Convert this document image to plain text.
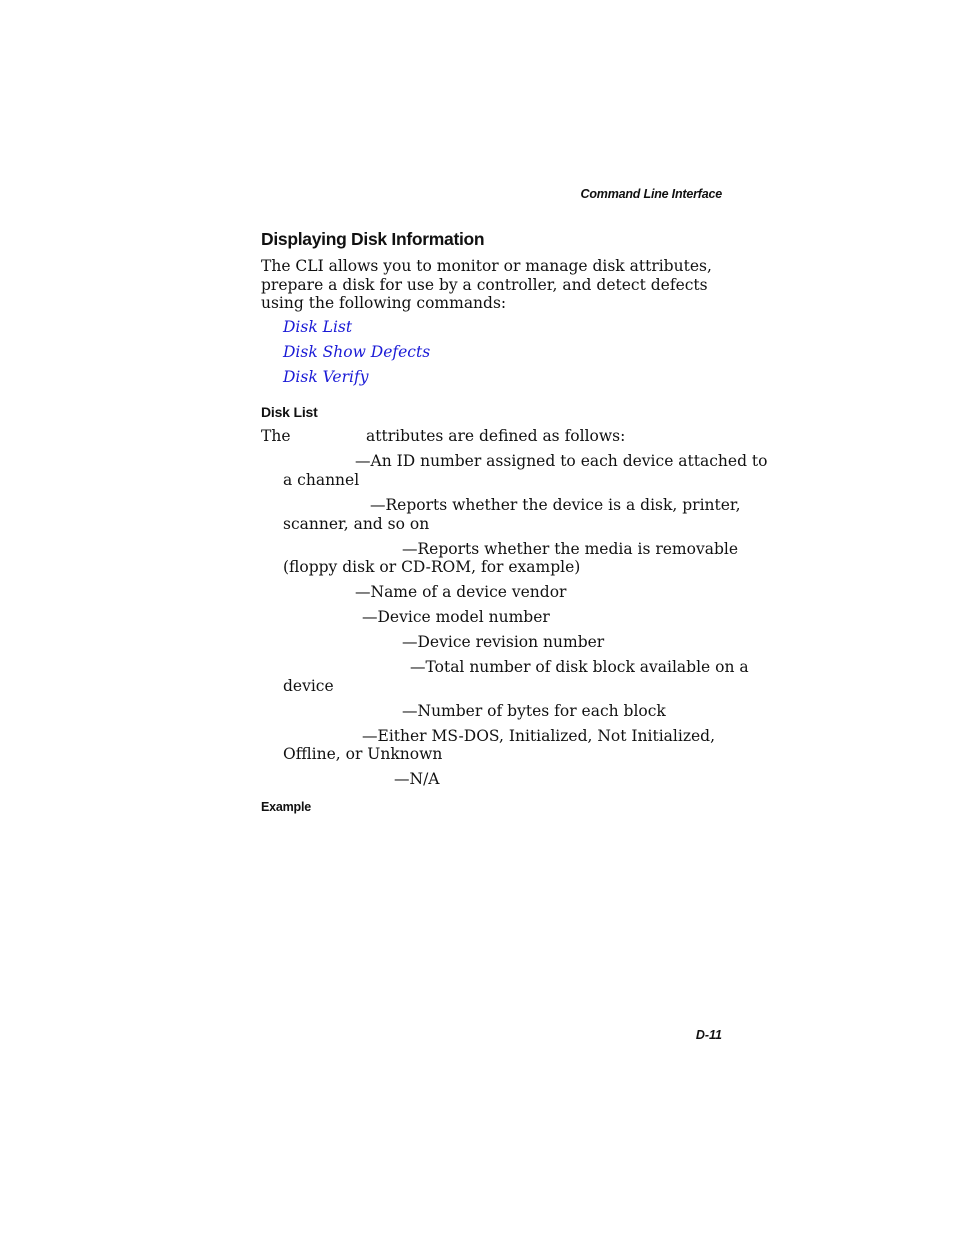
Command Line Interface
Displaying Disk Information
The CLI allows you to monitor or manage disk attributes, prepare a disk for use by a controller, and detect defects using the following commands:
Disk List
Disk Show Defects
Disk Verify
Disk List
The	attributes are defined as follows:
—An ID number assigned to each device attached to
a channel
—Reports whether the device is a disk, printer,
scanner, and so on
—Reports whether the media is removable
(floppy disk or CD-ROM, for example)
—Name of a device vendor
—Device model number
—Device revision number
—Total number of disk block available on a
device
—Number of bytes for each block
—Either MS-DOS, Initialized, Not Initialized,
Offline, or Unknown
—N/A
Example
D-11
